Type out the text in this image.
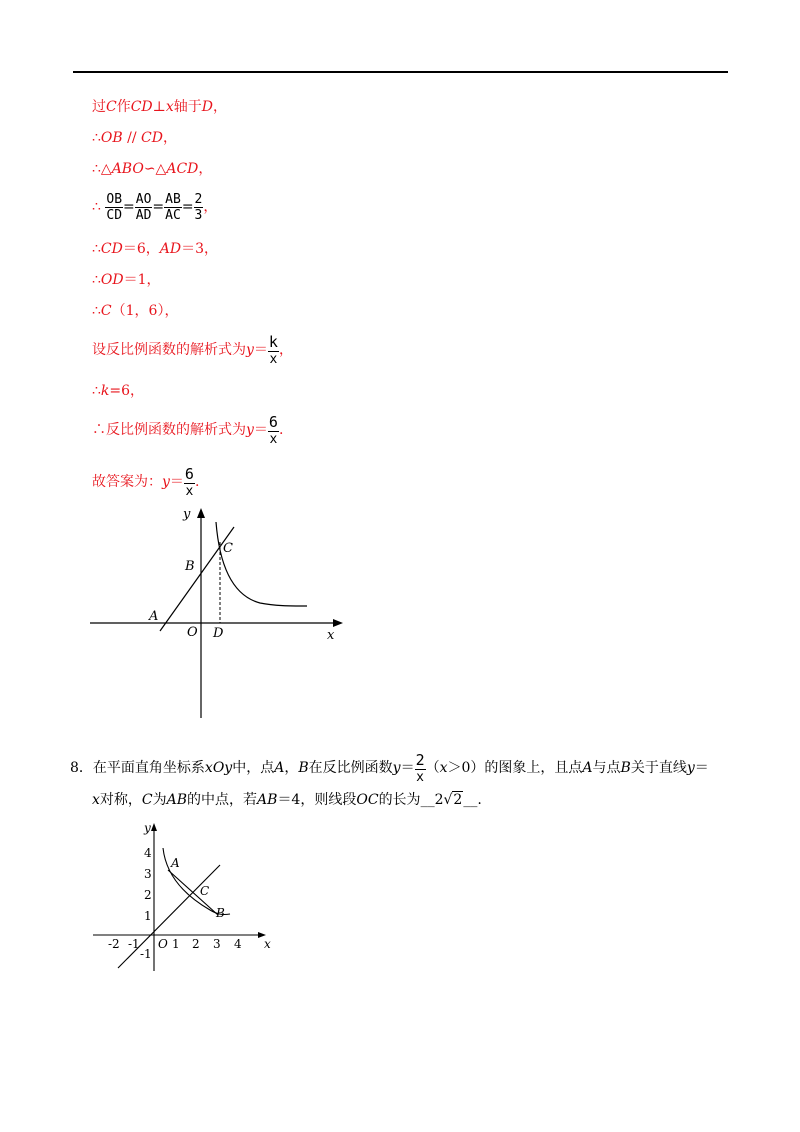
过C作CD⊥x轴于D，
∴OB // CD，
∴△ABO∽△ACD，
∴ $\frac{OB}{CD} = \frac{AO}{AD} = \frac{AB}{AC} = \frac{2}{3}$ ，
∴CD＝6，AD＝3，
∴OD＝1，
∴C（1，6），
设反比例函数的解析式为$y= \frac{k}{x}$ ，
∴k=6，
∴反比例函数的解析式为$y= \frac{6}{x}$ .
故答案为：$y= \frac{6}{x}$ .
y
x
O
A
B
C
D
8．在平面直角坐标系xOy中，点A，B在反比例函数$y= \frac{2}{x} (x>0)$的图象上，且点A与点B关于直线y＝
x对称，C为AB的中点，若AB＝4，则线段OC的长为__2√2__.
-2 -1	1 2 3 4
4
3
2
1
-1
y
x
O
A
B
C
